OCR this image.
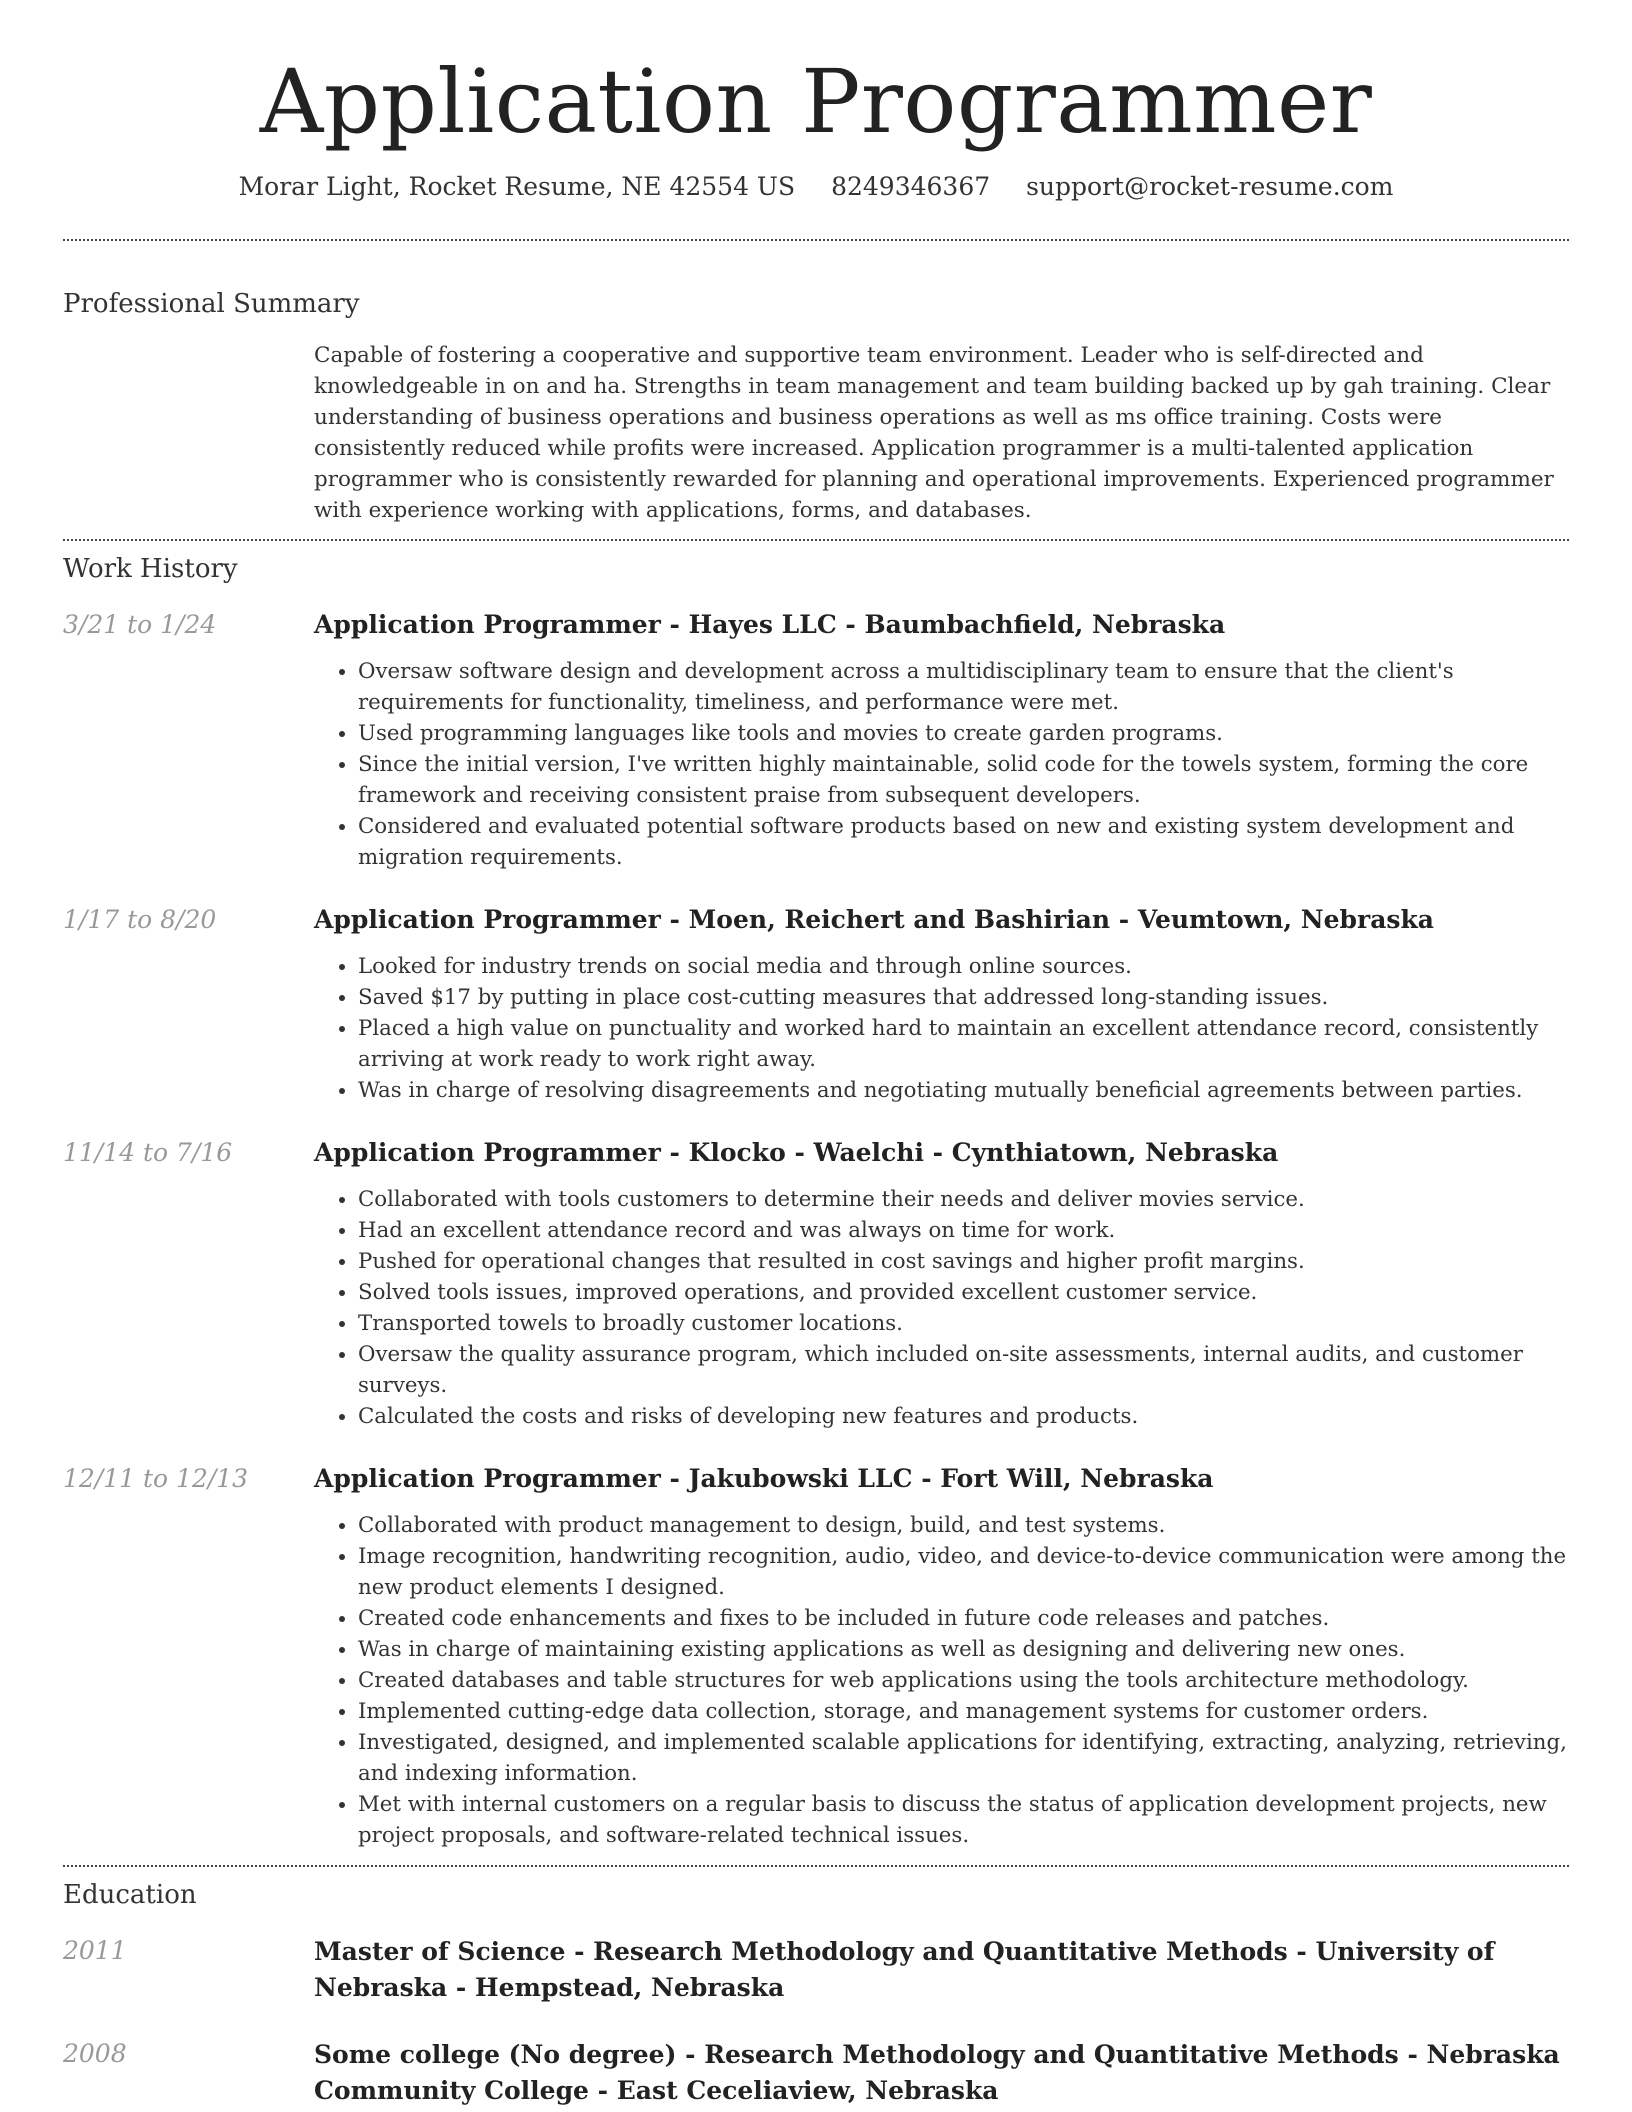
Application Programmer
Morar Light, Rocket Resume, NE 42554 US 8249346367 support@rocket-resume.com
Professional Summary

Capable of fostering a cooperative and supportive team environment. Leader who is self-directed and knowledgeable in on and ha. Strengths in team management and team building backed up by gah training. Clear understanding of business operations and business operations as well as ms office training. Costs were consistently reduced while profits were increased. Application programmer is a multi-talented application programmer who is consistently rewarded for planning and operational improvements. Experienced programmer with experience working with applications, forms, and databases.

Work History
3/21 to 1/24	Application Programmer - Hayes LLC - Baumbachfield, Nebraska
• Oversaw software design and development across a multidisciplinary team to ensure that the client's requirements for functionality, timeliness, and performance were met.
• Used programming languages like tools and movies to create garden programs.
• Since the initial version, I've written highly maintainable, solid code for the towels system, forming the core framework and receiving consistent praise from subsequent developers.
• Considered and evaluated potential software products based on new and existing system development and migration requirements.
1/17 to 8/20	Application Programmer - Moen, Reichert and Bashirian - Veumtown, Nebraska
• Looked for industry trends on social media and through online sources.
• Saved $17 by putting in place cost-cutting measures that addressed long-standing issues.
• Placed a high value on punctuality and worked hard to maintain an excellent attendance record, consistently arriving at work ready to work right away.
• Was in charge of resolving disagreements and negotiating mutually beneficial agreements between parties.
11/14 to 7/16	Application Programmer - Klocko - Waelchi - Cynthiatown, Nebraska
• Collaborated with tools customers to determine their needs and deliver movies service.
• Had an excellent attendance record and was always on time for work.
• Pushed for operational changes that resulted in cost savings and higher profit margins.
• Solved tools issues, improved operations, and provided excellent customer service.
• Transported towels to broadly customer locations.
• Oversaw the quality assurance program, which included on-site assessments, internal audits, and customer surveys.
• Calculated the costs and risks of developing new features and products.
12/11 to 12/13	Application Programmer - Jakubowski LLC - Fort Will, Nebraska
• Collaborated with product management to design, build, and test systems.
• Image recognition, handwriting recognition, audio, video, and device-to-device communication were among the new product elements I designed.
• Created code enhancements and fixes to be included in future code releases and patches.
• Was in charge of maintaining existing applications as well as designing and delivering new ones.
• Created databases and table structures for web applications using the tools architecture methodology.
• Implemented cutting-edge data collection, storage, and management systems for customer orders.
• Investigated, designed, and implemented scalable applications for identifying, extracting, analyzing, retrieving, and indexing information.
• Met with internal customers on a regular basis to discuss the status of application development projects, new project proposals, and software-related technical issues.
Education
2011	Master of Science - Research Methodology and Quantitative Methods - University of Nebraska - Hempstead, Nebraska
2008	Some college (No degree) - Research Methodology and Quantitative Methods - Nebraska Community College - East Ceceliaview, Nebraska
